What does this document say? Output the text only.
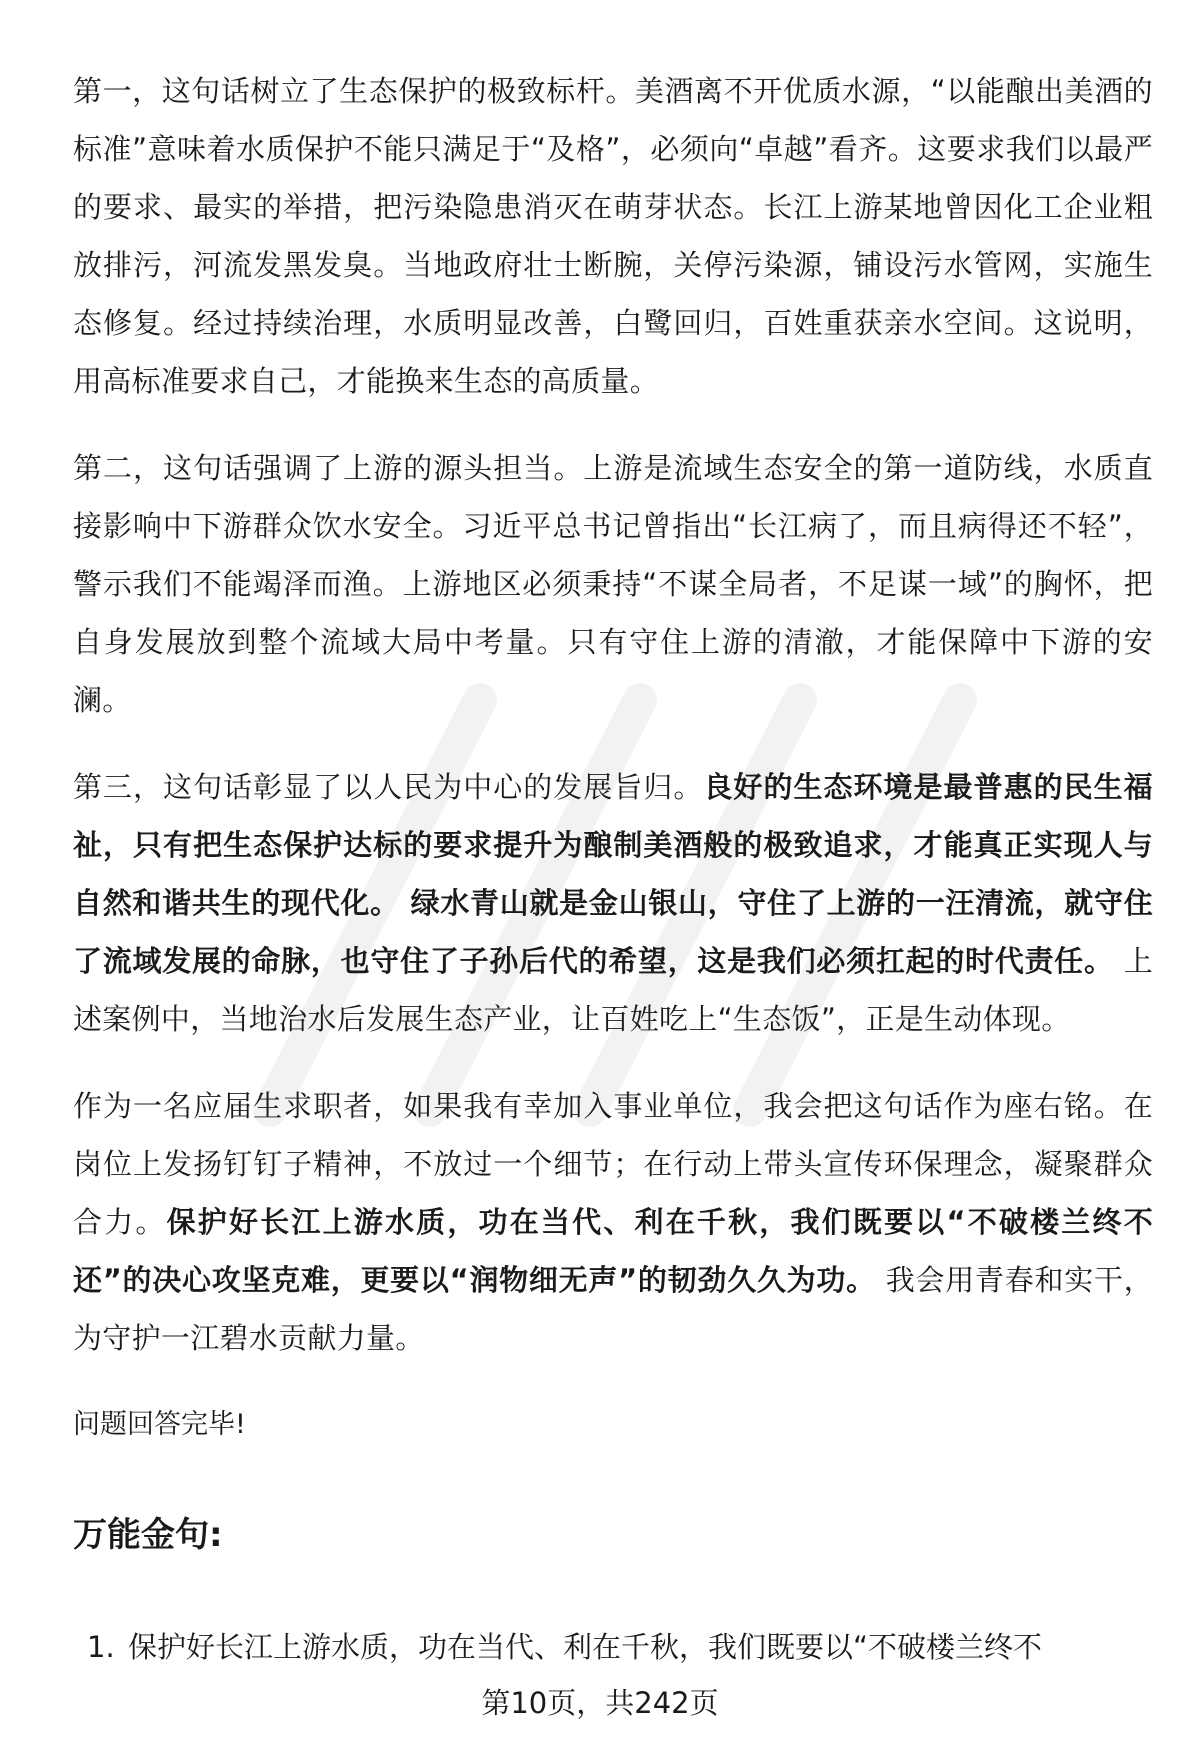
第一，这句话树立了生态保护的极致标杆。美酒离不开优质水源，“以能酿出美酒的标准”意味着水质保护不能只满足于“及格”，必须向“卓越”看齐。这要求我们以最严的要求、最实的举措，把污染隐患消灭在萌芽状态。长江上游某地曾因化工企业粗放排污，河流发黑发臭。当地政府壮士断腕，关停污染源，铺设污水管网，实施生态修复。经过持续治理，水质明显改善，白鹭回归，百姓重获亲水空间。这说明，用高标准要求自己，才能换来生态的高质量。

第二，这句话强调了上游的源头担当。上游是流域生态安全的第一道防线，水质直接影响中下游群众饮水安全。习近平总书记曾指出“长江病了，而且病得还不轻”，警示我们不能竭泽而渔。上游地区必须秉持“不谋全局者，不足谋一域”的胸怀，把自身发展放到整个流域大局中考量。只有守住上游的清澈，才能保障中下游的安澜。

第三，这句话彰显了以人民为中心的发展旨归。良好的生态环境是最普惠的民生福祉，只有把生态保护达标的要求提升为酿制美酒般的极致追求，才能真正实现人与自然和谐共生的现代化。 绿水青山就是金山银山，守住了上游的一汪清流，就守住了流域发展的命脉，也守住了子孙后代的希望，这是我们必须扛起的时代责任。 上述案例中，当地治水后发展生态产业，让百姓吃上“生态饭”，正是生动体现。

作为一名应届生求职者，如果我有幸加入事业单位，我会把这句话作为座右铭。在岗位上发扬钉钉子精神，不放过一个细节；在行动上带头宣传环保理念，凝聚群众合力。保护好长江上游水质，功在当代、利在千秋，我们既要以“不破楼兰终不还”的决心攻坚克难，更要以“润物细无声”的韧劲久久为功。 我会用青春和实干，为守护一江碧水贡献力量。

问题回答完毕!

万能金句:
1. 保护好长江上游水质，功在当代、利在千秋，我们既要以“不破楼兰终不
第10页，共242页
